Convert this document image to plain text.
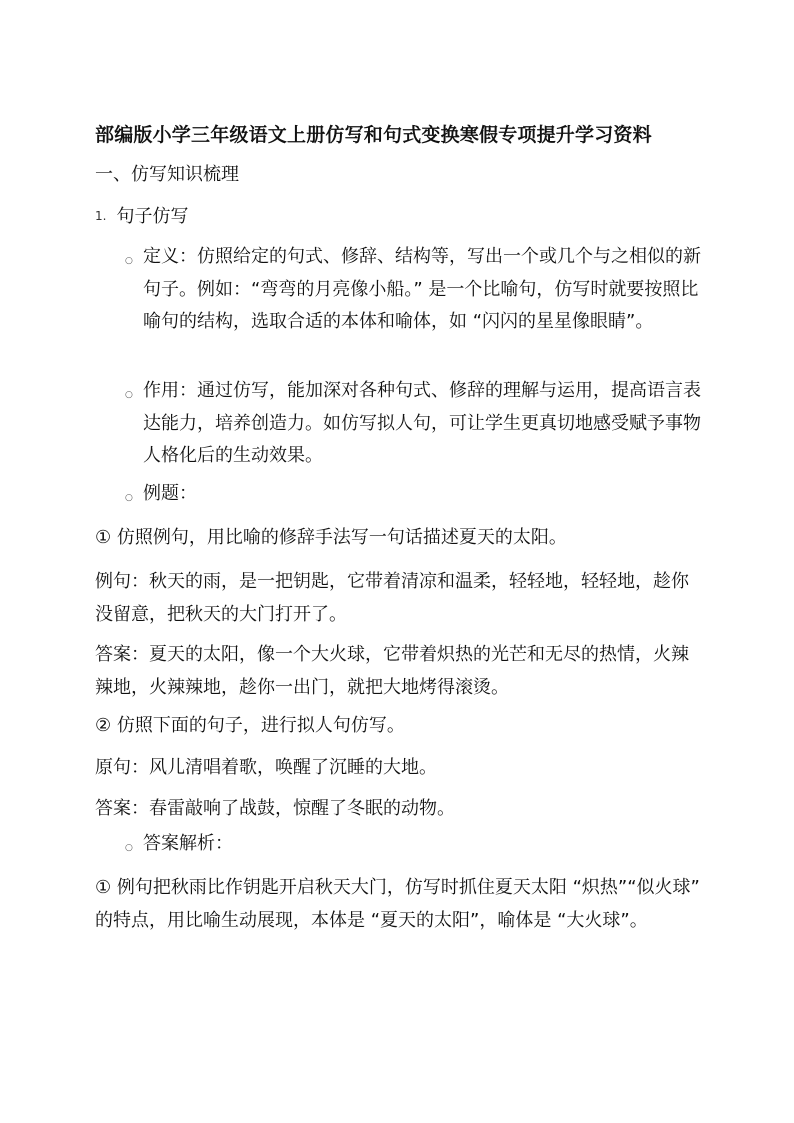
部编版小学三年级语文上册仿写和句式变换寒假专项提升学习资料
一、仿写知识梳理
1. 句子仿写
○ 定义：仿照给定的句式、修辞、结构等，写出一个或几个与之相似的新句子。例如：“弯弯的月亮像小船。” 是一个比喻句，仿写时就要按照比喻句的结构，选取合适的本体和喻体，如 “闪闪的星星像眼睛”。
○ 作用：通过仿写，能加深对各种句式、修辞的理解与运用，提高语言表达能力，培养创造力。如仿写拟人句，可让学生更真切地感受赋予事物人格化后的生动效果。
○ 例题：
① 仿照例句，用比喻的修辞手法写一句话描述夏天的太阳。
例句：秋天的雨，是一把钥匙，它带着清凉和温柔，轻轻地，轻轻地，趁你没留意，把秋天的大门打开了。
答案：夏天的太阳，像一个大火球，它带着炽热的光芒和无尽的热情，火辣辣地，火辣辣地，趁你一出门，就把大地烤得滚烫。
② 仿照下面的句子，进行拟人句仿写。
原句：风儿清唱着歌，唤醒了沉睡的大地。
答案：春雷敲响了战鼓，惊醒了冬眠的动物。
○ 答案解析：
① 例句把秋雨比作钥匙开启秋天大门，仿写时抓住夏天太阳 “炽热”“似火球” 的特点，用比喻生动展现，本体是 “夏天的太阳”，喻体是 “大火球”。
